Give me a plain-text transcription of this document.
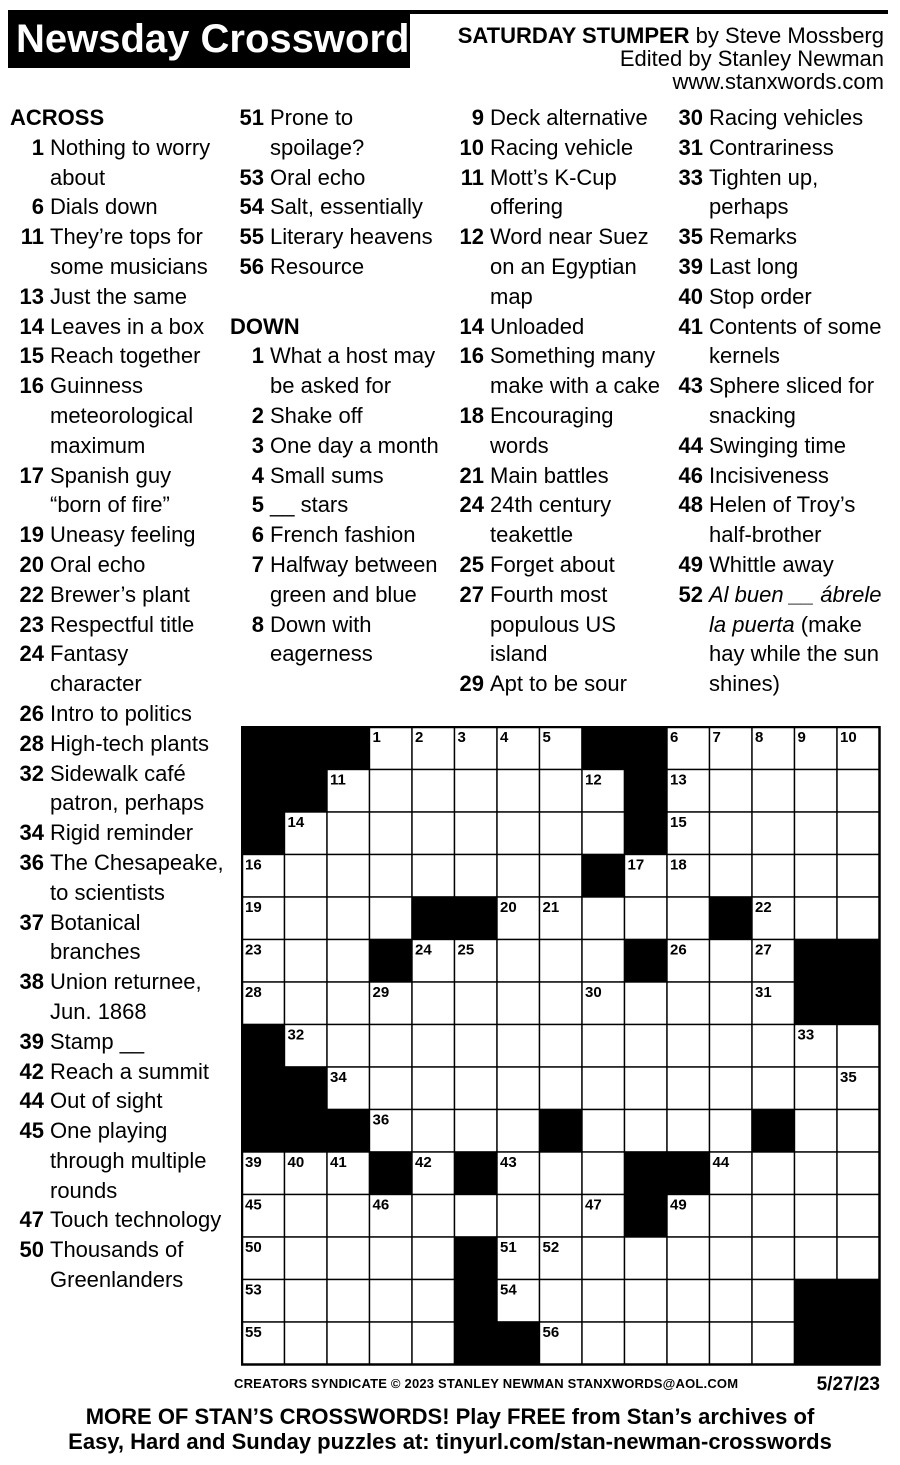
Newsday Crossword SATURDAY STUMPER by Steve Mossberg
Edited by Stanley Newman
www.stanxwords.com
ACROSS
1 Nothing to worry about
6 Dials down
11 They’re tops for some musicians
13 Just the same
14 Leaves in a box
15 Reach together
16 Guinness meteorological maximum
17 Spanish guy “born of fire”
19 Uneasy feeling
20 Oral echo
22 Brewer’s plant
23 Respectful title
24 Fantasy character
26 Intro to politics
28 High-tech plants
32 Sidewalk café patron, perhaps
34 Rigid reminder
36 The Chesapeake, to scientists
37 Botanical branches
38 Union returnee, Jun. 1868
39 Stamp __
42 Reach a summit
44 Out of sight
45 One playing through multiple rounds
47 Touch technology
50 Thousands of Greenlanders
51 Prone to spoilage?
53 Oral echo
54 Salt, essentially
55 Literary heavens
56 Resource
DOWN
1 What a host may be asked for
2 Shake off
3 One day a month
4 Small sums
5 __ stars
6 French fashion
7 Halfway between green and blue
8 Down with eagerness
9 Deck alternative
10 Racing vehicle
11 Mott’s K-Cup offering
12 Word near Suez on an Egyptian map
14 Unloaded
16 Something many make with a cake
18 Encouraging words
21 Main battles
24 24th century teakettle
25 Forget about
27 Fourth most populous US island
29 Apt to be sour
30 Racing vehicles
31 Contrariness
33 Tighten up, perhaps
35 Remarks
39 Last long
40 Stop order
41 Contents of some kernels
43 Sphere sliced for snacking
44 Swinging time
46 Incisiveness
48 Helen of Troy’s half-brother
49 Whittle away
52 Al buen __ ábrele la puerta (make hay while the sun shines)
1 2 3 4 5	6 7 8 9 10
11	12	13
14	15
16	17 18
19	20 21	22
23	24 25	26	27
28	29	30	31
32	33
34	35
36	37	38
39 40 41	42	43	44
45	46	47 48 49
50	51 52
53	54
55	56
CREATORS SYNDICATE © 2023 STANLEY NEWMAN STANXWORDS@AOL.COM	5/27/23
MORE OF STAN’S CROSSWORDS! Play FREE from Stan’s archives of
Easy, Hard and Sunday puzzles at: tinyurl.com/stan-newman-crosswords
